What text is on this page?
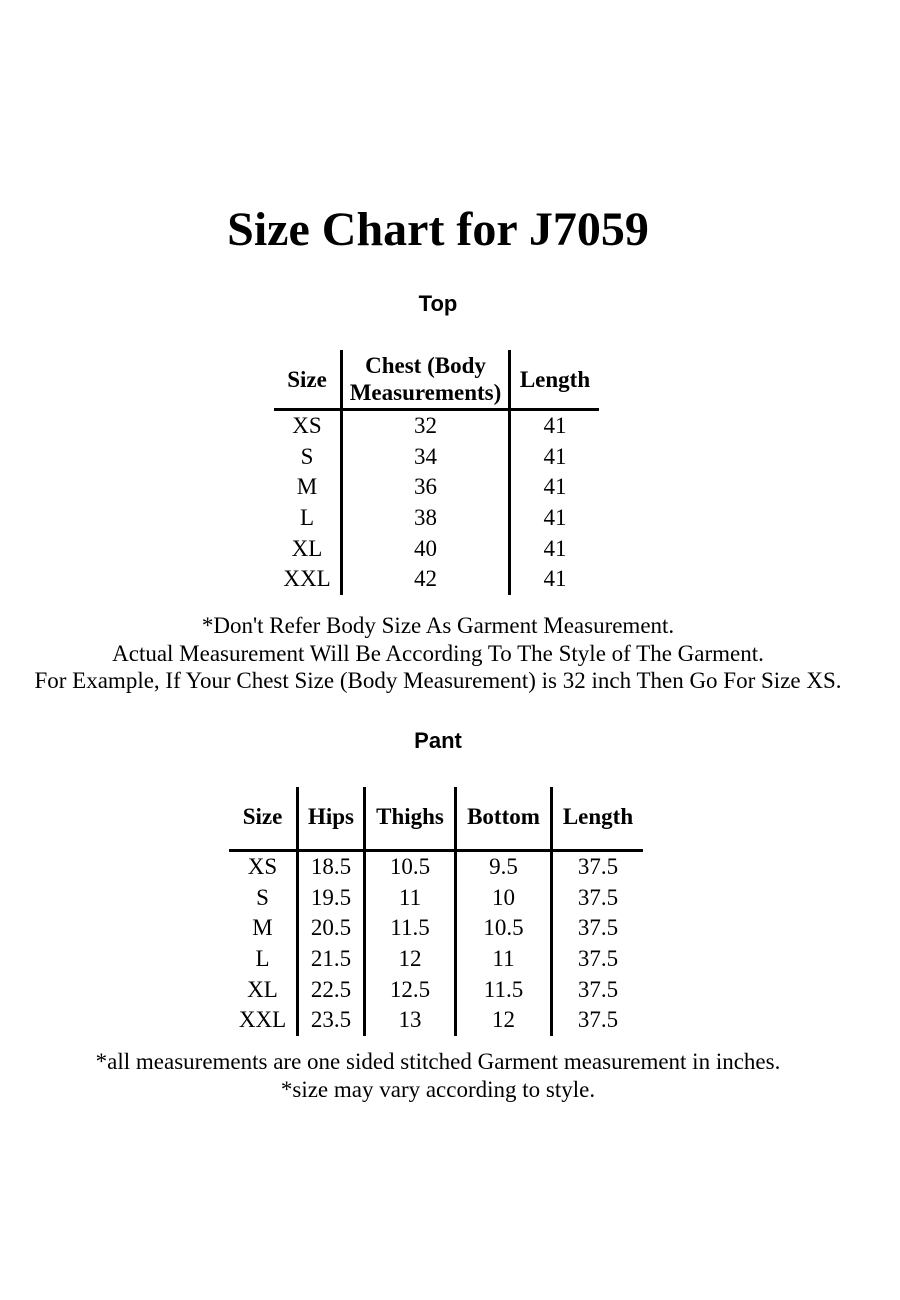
Size Chart for J7059
Top
Size	Chest (Body Measurements)	Length
XS	32	41
S	34	41
M	36	41
L	38	41
XL	40	41
XXL	42	41
*Don't Refer Body Size As Garment Measurement.
Actual Measurement Will Be According To The Style of The Garment.
For Example, If Your Chest Size (Body Measurement) is 32 inch Then Go For Size XS.
Pant
Size	Hips	Thighs	Bottom	Length
XS	18.5	10.5	9.5	37.5
S	19.5	11	10	37.5
M	20.5	11.5	10.5	37.5
L	21.5	12	11	37.5
XL	22.5	12.5	11.5	37.5
XXL	23.5	13	12	37.5
*all measurements are one sided stitched Garment measurement in inches.
*size may vary according to style.
